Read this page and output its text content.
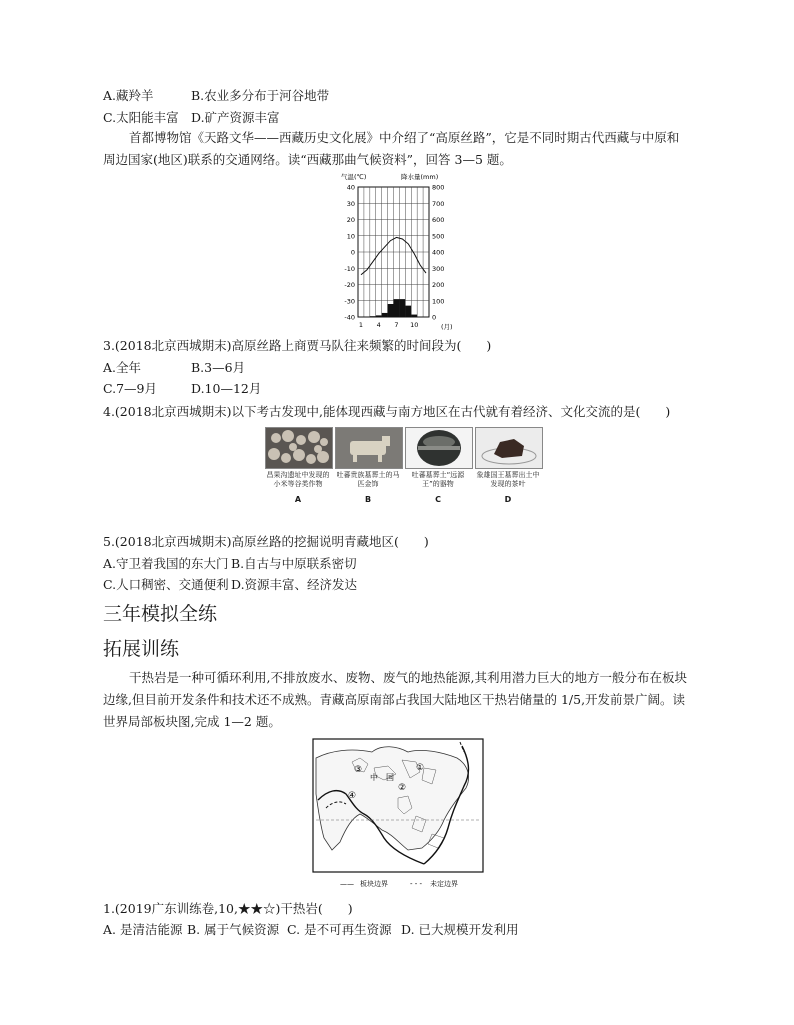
A.藏羚羊	B.农业多分布于河谷地带
C.太阳能丰富 D.矿产资源丰富
首都博物馆《天路文华——西藏历史文化展》中介绍了“高原丝路”，它是不同时期古代西藏与中原和周边国家(地区)联系的交通网络。读“西藏那曲气候资料”，回答 3—5 题。
气温(℃)	降水量(mm)
40
30
20
10
0
-10
-20
-30
-40
800
700
600
500
400
300
200
100
0
1 4 7 10	(月)
3.(2018北京西城期末)高原丝路上商贾马队往来频繁的时间段为(　　)
A.全年	B.3—6月
C.7—9月	D.10—12月
4.(2018北京西城期末)以下考古发现中,能体现西藏与南方地区在古代就有着经济、文化交流的是(　　)
昌果沟遗址中发现的小米等谷类作物
A
吐蕃贵族墓葬土的马匹金饰
B
吐蕃墓葬土“远源王”的器物
C
象雄国王墓葬出土中发现的茶叶
D
5.(2018北京西城期末)高原丝路的挖掘说明青藏地区(　　)
A.守卫着我国的东大门 B.自古与中原联系密切
C.人口稠密、交通便利 D.资源丰富、经济发达
三年模拟全练
拓展训练
干热岩是一种可循环利用,不排放废水、废物、废气的地热能源,其利用潜力巨大的地方一般分布在板块边缘,但目前开发条件和技术还不成熟。青藏高原南部占我国大陆地区干热岩储量的 1/5,开发前景广阔。读世界局部板块图,完成 1—2 题。
中　国
①
②
③
④
—— 板块边界	- - - 未定边界
1.(2019广东训练卷,10,★★☆)干热岩(　　)
A. 是清洁能源 B. 属于气候资源 C. 是不可再生资源 D. 已大规模开发利用
